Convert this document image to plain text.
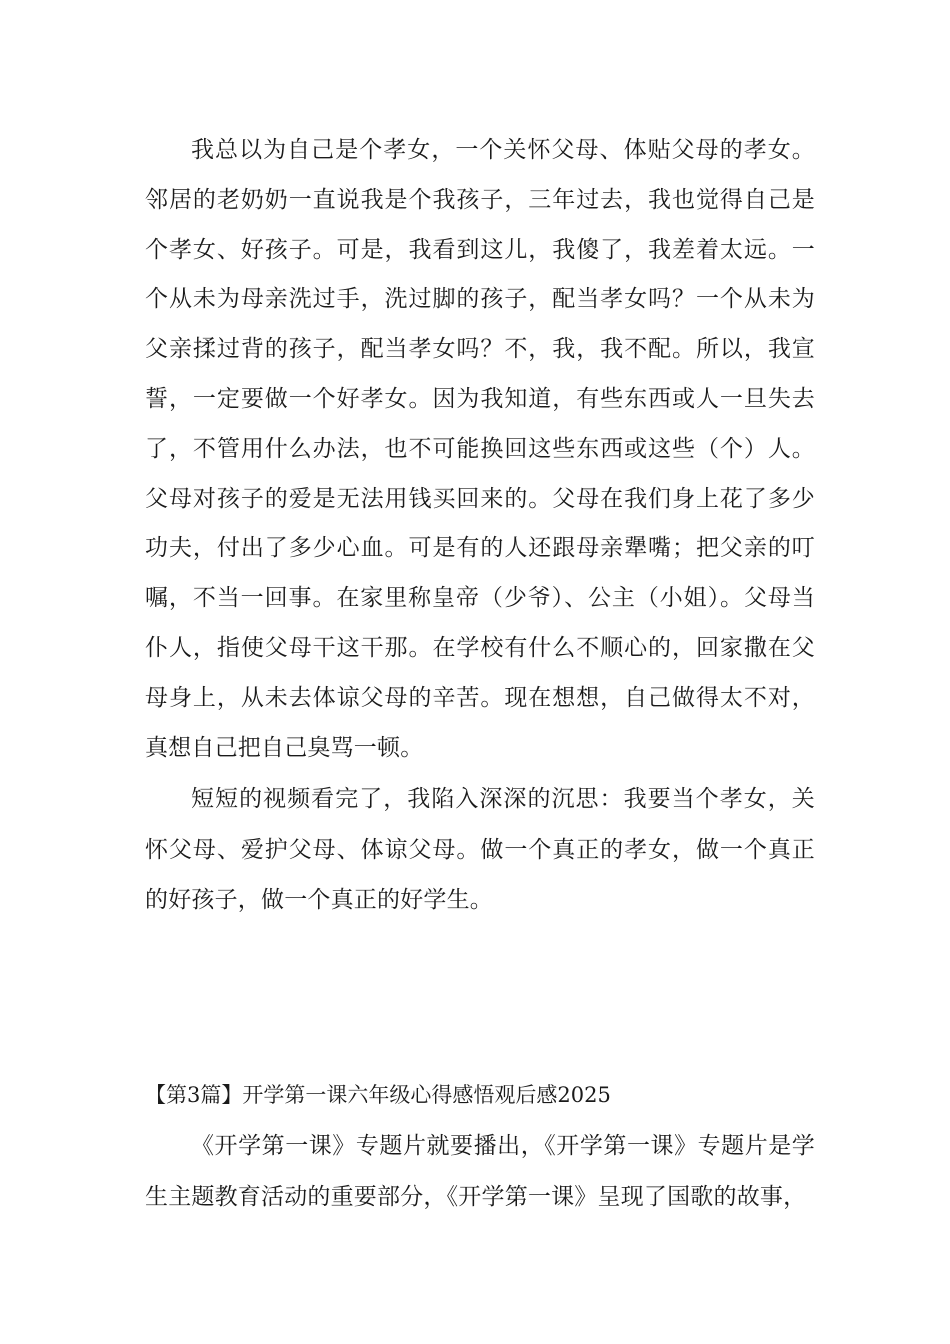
我总以为自己是个孝女，一个关怀父母、体贴父母的孝女。邻居的老奶奶一直说我是个我孩子，三年过去，我也觉得自己是个孝女、好孩子。可是，我看到这儿，我傻了，我差着太远。一个从未为母亲洗过手，洗过脚的孩子，配当孝女吗？一个从未为父亲揉过背的孩子，配当孝女吗？不，我，我不配。所以，我宣誓，一定要做一个好孝女。因为我知道，有些东西或人一旦失去了，不管用什么办法，也不可能换回这些东西或这些（个）人。父母对孩子的爱是无法用钱买回来的。父母在我们身上花了多少功夫，付出了多少心血。可是有的人还跟母亲犟嘴；把父亲的叮嘱，不当一回事。在家里称皇帝（少爷）、公主（小姐）。父母当仆人，指使父母干这干那。在学校有什么不顺心的，回家撒在父母身上，从未去体谅父母的辛苦。现在想想，自己做得太不对，真想自己把自己臭骂一顿。

短短的视频看完了，我陷入深深的沉思：我要当个孝女，关怀父母、爱护父母、体谅父母。做一个真正的孝女，做一个真正的好孩子，做一个真正的好学生。

【第3篇】开学第一课六年级心得感悟观后感2025

《开学第一课》专题片就要播出，《开学第一课》专题片是学生主题教育活动的重要部分，《开学第一课》呈现了国歌的故事，
